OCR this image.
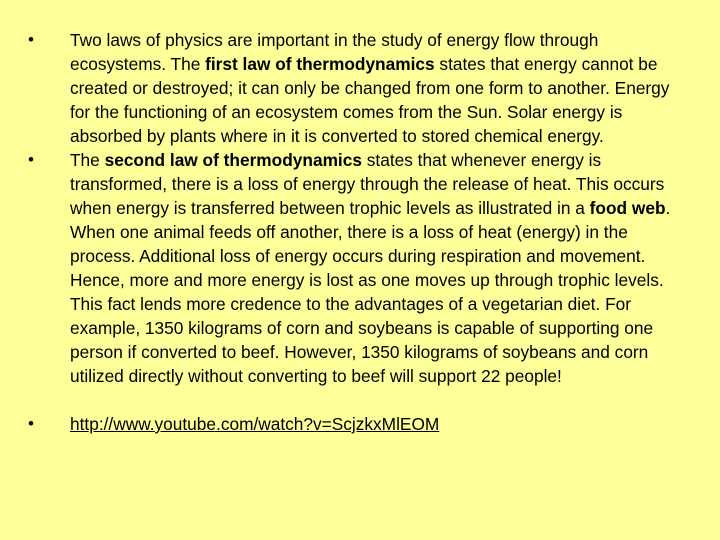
•	Two laws of physics are important in the study of energy flow through ecosystems. The first law of thermodynamics states that energy cannot be created or destroyed; it can only be changed from one form to another. Energy for the functioning of an ecosystem comes from the Sun. Solar energy is absorbed by plants where in it is converted to stored chemical energy.
•	The second law of thermodynamics states that whenever energy is transformed, there is a loss of energy through the release of heat. This occurs when energy is transferred between trophic levels as illustrated in a food web. When one animal feeds off another, there is a loss of heat (energy) in the process. Additional loss of energy occurs during respiration and movement. Hence, more and more energy is lost as one moves up through trophic levels. This fact lends more credence to the advantages of a vegetarian diet. For example, 1350 kilograms of corn and soybeans is capable of supporting one person if converted to beef. However, 1350 kilograms of soybeans and corn utilized directly without converting to beef will support 22 people!
•	http://www.youtube.com/watch?v=ScjzkxMlEOM
